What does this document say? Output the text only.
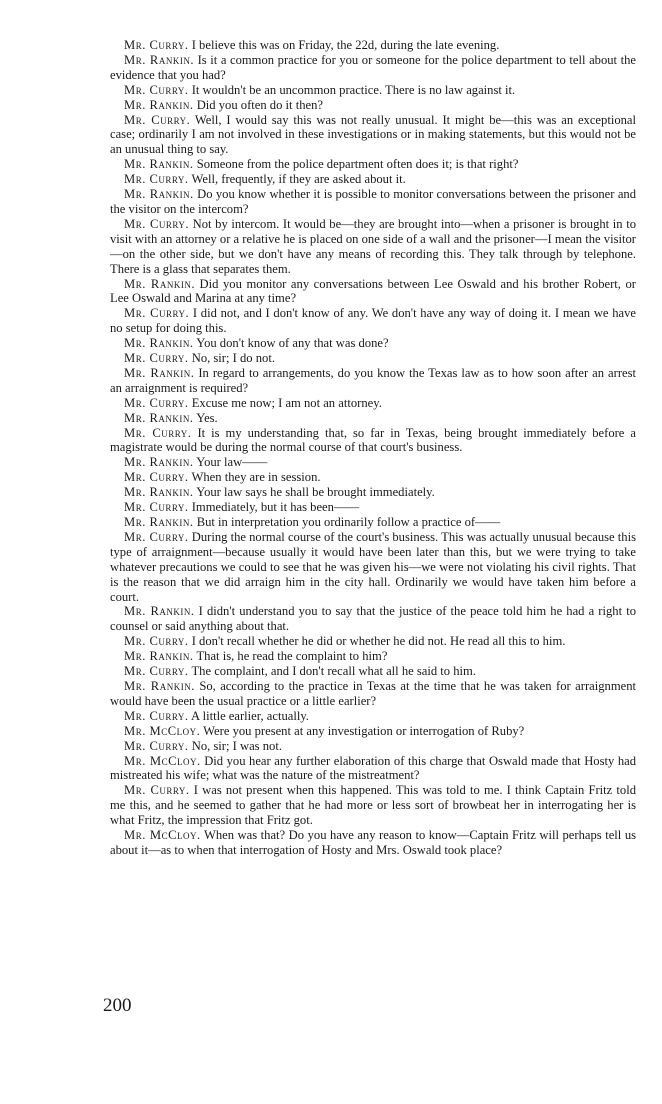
Mr. Curry. I believe this was on Friday, the 22d, during the late evening.

Mr. Rankin. Is it a common practice for you or someone for the police department to tell about the evidence that you had?

Mr. Curry. It wouldn't be an uncommon practice. There is no law against it.

Mr. Rankin. Did you often do it then?

Mr. Curry. Well, I would say this was not really unusual. It might be—this was an exceptional case; ordinarily I am not involved in these investigations or in making statements, but this would not be an unusual thing to say.

Mr. Rankin. Someone from the police department often does it; is that right?

Mr. Curry. Well, frequently, if they are asked about it.

Mr. Rankin. Do you know whether it is possible to monitor conversations between the prisoner and the visitor on the intercom?

Mr. Curry. Not by intercom. It would be—they are brought into—when a prisoner is brought in to visit with an attorney or a relative he is placed on one side of a wall and the prisoner—I mean the visitor—on the other side, but we don't have any means of recording this. They talk through by telephone. There is a glass that separates them.

Mr. Rankin. Did you monitor any conversations between Lee Oswald and his brother Robert, or Lee Oswald and Marina at any time?

Mr. Curry. I did not, and I don't know of any. We don't have any way of doing it. I mean we have no setup for doing this.

Mr. Rankin. You don't know of any that was done?

Mr. Curry. No, sir; I do not.

Mr. Rankin. In regard to arrangements, do you know the Texas law as to how soon after an arrest an arraignment is required?

Mr. Curry. Excuse me now; I am not an attorney.

Mr. Rankin. Yes.

Mr. Curry. It is my understanding that, so far in Texas, being brought immediately before a magistrate would be during the normal course of that court's business.

Mr. Rankin. Your law——

Mr. Curry. When they are in session.

Mr. Rankin. Your law says he shall be brought immediately.

Mr. Curry. Immediately, but it has been——

Mr. Rankin. But in interpretation you ordinarily follow a practice of——

Mr. Curry. During the normal course of the court's business. This was actually unusual because this type of arraignment—because usually it would have been later than this, but we were trying to take whatever precautions we could to see that he was given his—we were not violating his civil rights. That is the reason that we did arraign him in the city hall. Ordinarily we would have taken him before a court.

Mr. Rankin. I didn't understand you to say that the justice of the peace told him he had a right to counsel or said anything about that.

Mr. Curry. I don't recall whether he did or whether he did not. He read all this to him.

Mr. Rankin. That is, he read the complaint to him?

Mr. Curry. The complaint, and I don't recall what all he said to him.

Mr. Rankin. So, according to the practice in Texas at the time that he was taken for arraignment would have been the usual practice or a little earlier?

Mr. Curry. A little earlier, actually.

Mr. McCloy. Were you present at any investigation or interrogation of Ruby?

Mr. Curry. No, sir; I was not.

Mr. McCloy. Did you hear any further elaboration of this charge that Oswald made that Hosty had mistreated his wife; what was the nature of the mistreatment?

Mr. Curry. I was not present when this happened. This was told to me. I think Captain Fritz told me this, and he seemed to gather that he had more or less sort of browbeat her in interrogating her is what Fritz, the impression that Fritz got.

Mr. McCloy. When was that? Do you have any reason to know—Captain Fritz will perhaps tell us about it—as to when that interrogation of Hosty and Mrs. Oswald took place?

200
